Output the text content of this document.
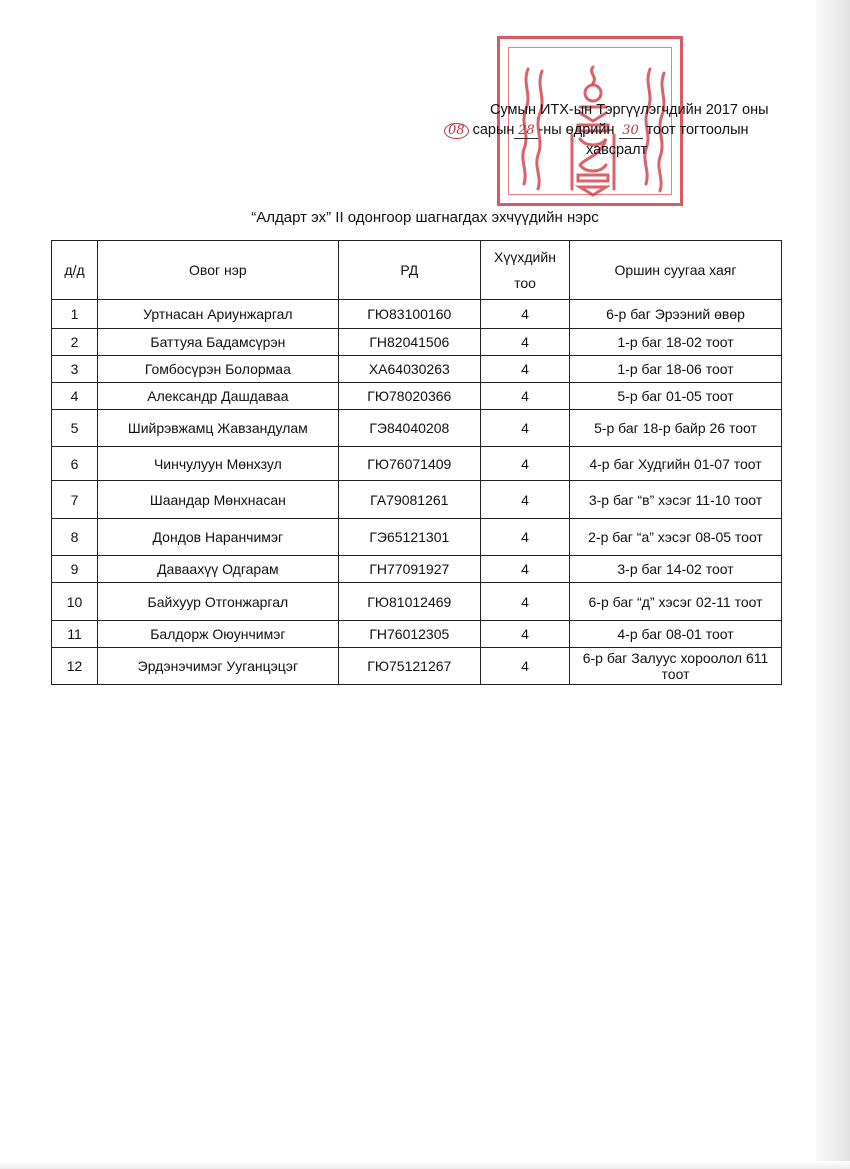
Сумын ИТХ-ын Тэргүүлэгчдийн 2017 оны
08 сарын 28 -ны өдрийн 30 тоот тогтоолын
хавсралт
“Алдарт эх” II одонгоор шагнагдах эхчүүдийн нэрс
д/д	Овог нэр	РД	Хүүхдийн тоо	Оршин суугаа хаяг
1	Уртнасан Ариунжаргал	ГЮ83100160	4	6-р баг Эрээний өвөр
2	Баттуяа Бадамсүрэн	ГН82041506	4	1-р баг 18-02 тоот
3	Гомбосүрэн Болормаа	ХА64030263	4	1-р баг 18-06 тоот
4	Александр Дашдаваа	ГЮ78020366	4	5-р баг 01-05 тоот
5	Шийрэвжамц Жавзандулам	ГЭ84040208	4	5-р баг 18-р байр 26 тоот
6	Чинчулуун Мөнхзул	ГЮ76071409	4	4-р баг Худгийн 01-07 тоот
7	Шаандар Мөнхнасан	ГА79081261	4	3-р баг “в” хэсэг 11-10 тоот
8	Дондов Наранчимэг	ГЭ65121301	4	2-р баг “а” хэсэг 08-05 тоот
9	Даваахүү Одгарам	ГН77091927	4	3-р баг 14-02 тоот
10	Байхуур Отгонжаргал	ГЮ81012469	4	6-р баг “д” хэсэг 02-11 тоот
11	Балдорж Оюунчимэг	ГН76012305	4	4-р баг 08-01 тоот
12	Эрдэнэчимэг Ууганцэцэг	ГЮ75121267	4	6-р баг Залуус хороолол 611 тоот
